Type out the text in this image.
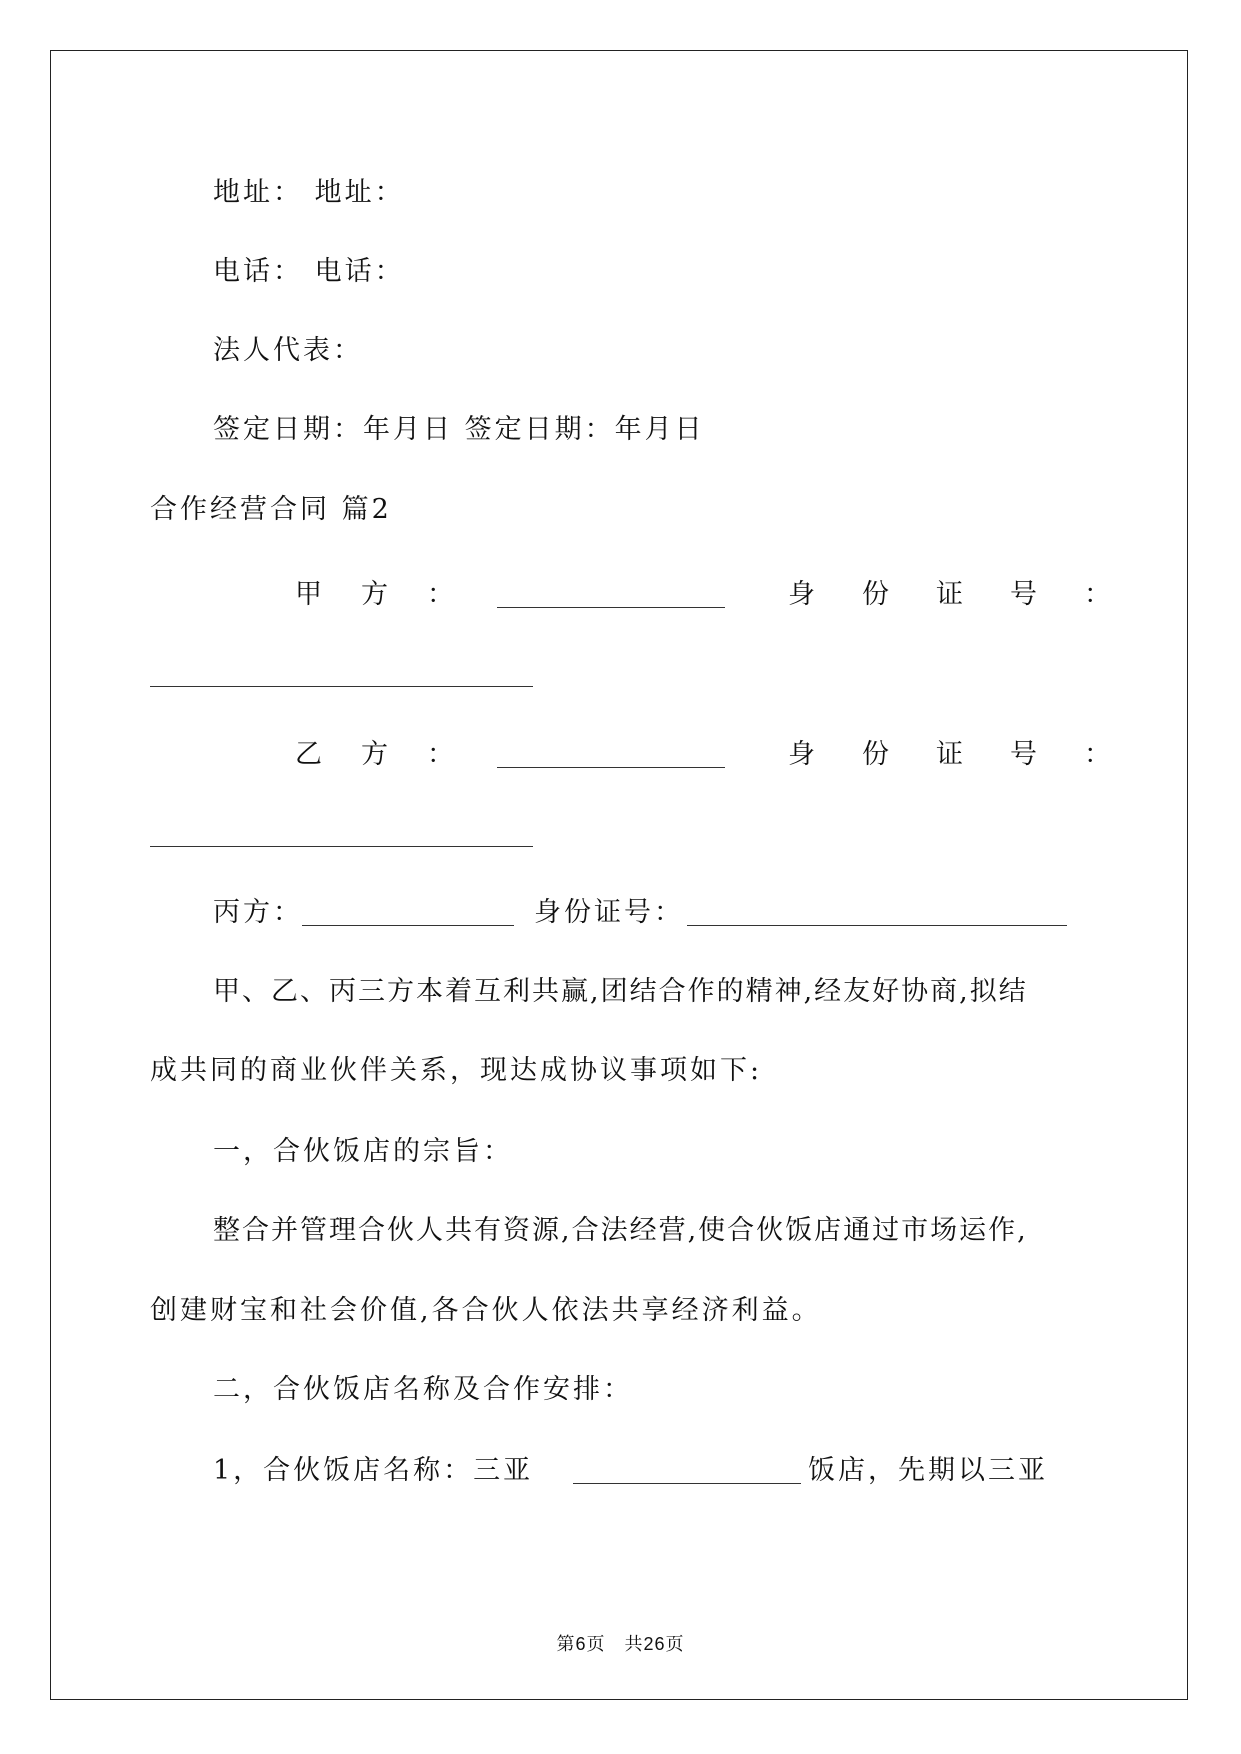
地址： 地址：
电话： 电话：
法人代表：
签定日期：年月日 签定日期：年月日
合作经营合同 篇2
甲　方　：	身　份　证　号　：
乙　方　：	身　份　证　号　：
丙方：	身份证号：
甲、乙、丙三方本着互利共赢,团结合作的精神,经友好协商,拟结
成共同的商业伙伴关系，现达成协议事项如下:
一，合伙饭店的宗旨：
整合并管理合伙人共有资源,合法经营,使合伙饭店通过市场运作,
创建财宝和社会价值,各合伙人依法共享经济利益。
二，合伙饭店名称及合作安排：
1，合伙饭店名称：三亚	饭店，先期以三亚
第6页　共26页
